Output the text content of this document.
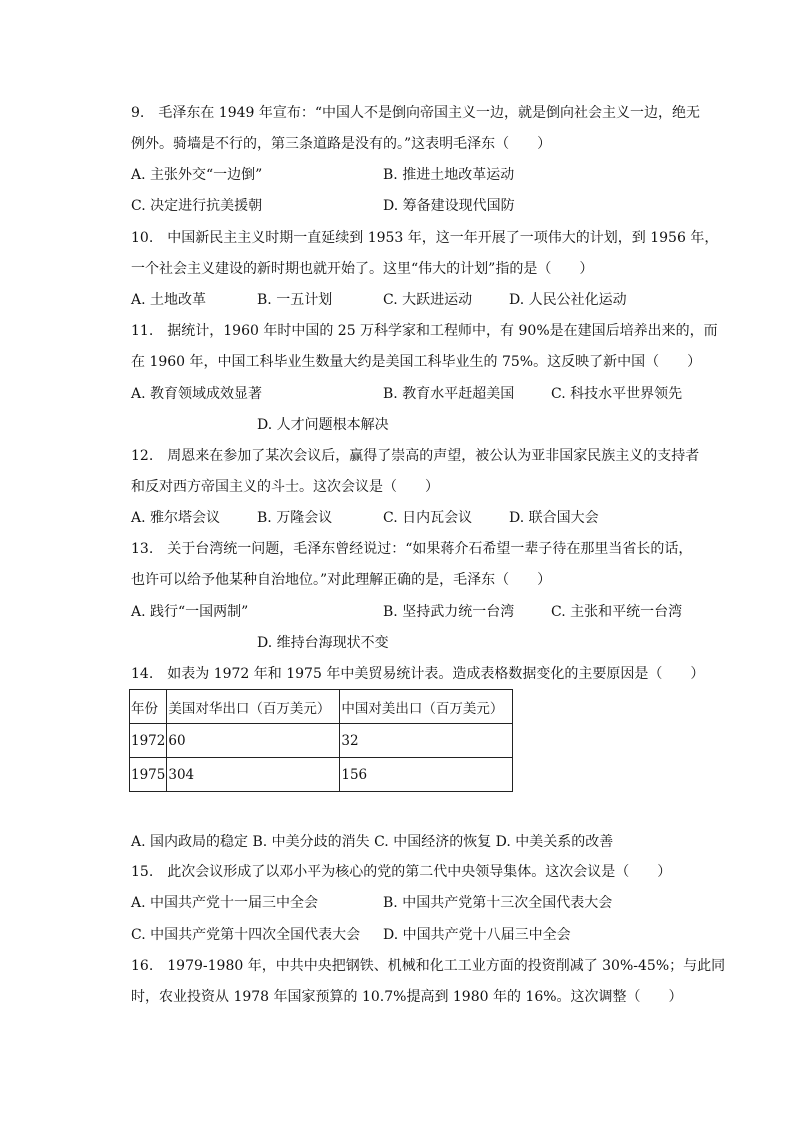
9.　毛泽东在 1949 年宣布：“中国人不是倒向帝国主义一边，就是倒向社会主义一边，绝无
例外。骑墙是不行的，第三条道路是没有的。”这表明毛泽东（　　）
A. 主张外交“一边倒”	B. 推进土地改革运动
C. 决定进行抗美援朝	D. 筹备建设现代国防
10.　中国新民主主义时期一直延续到 1953 年，这一年开展了一项伟大的计划，到 1956 年，
一个社会主义建设的新时期也就开始了。这里“伟大的计划”指的是（　　）
A. 土地改革	B. 一五计划	C. 大跃进运动	D. 人民公社化运动
11.　据统计，1960 年时中国的 25 万科学家和工程师中，有 90%是在建国后培养出来的，而
在 1960 年，中国工科毕业生数量大约是美国工科毕业生的 75%。这反映了新中国（　　）
A. 教育领域成效显著	B. 教育水平赶超美国	C. 科技水平世界领先
D. 人才问题根本解决
12.　周恩来在参加了某次会议后，赢得了崇高的声望，被公认为亚非国家民族主义的支持者
和反对西方帝国主义的斗士。这次会议是（　　）
A. 雅尔塔会议	B. 万隆会议	C. 日内瓦会议	D. 联合国大会
13.　关于台湾统一问题，毛泽东曾经说过：“如果蒋介石希望一辈子待在那里当省长的话，
也许可以给予他某种自治地位。”对此理解正确的是，毛泽东（　　）
A. 践行“一国两制”	B. 坚持武力统一台湾	C. 主张和平统一台湾
D. 维持台海现状不变
14.　如表为 1972 年和 1975 年中美贸易统计表。造成表格数据变化的主要原因是（　　）
年份	美国对华出口（百万美元）	中国对美出口（百万美元）
1972	60	32
1975	304	156
A. 国内政局的稳定 B. 中美分歧的消失 C. 中国经济的恢复 D. 中美关系的改善
15.　此次会议形成了以邓小平为核心的党的第二代中央领导集体。这次会议是（　　）
A. 中国共产党十一届三中全会	B. 中国共产党第十三次全国代表大会
C. 中国共产党第十四次全国代表大会 D. 中国共产党十八届三中全会
16.　1979-1980 年，中共中央把钢铁、机械和化工工业方面的投资削减了 30%-45%；与此同
时，农业投资从 1978 年国家预算的 10.7%提高到 1980 年的 16%。这次调整（　　）
